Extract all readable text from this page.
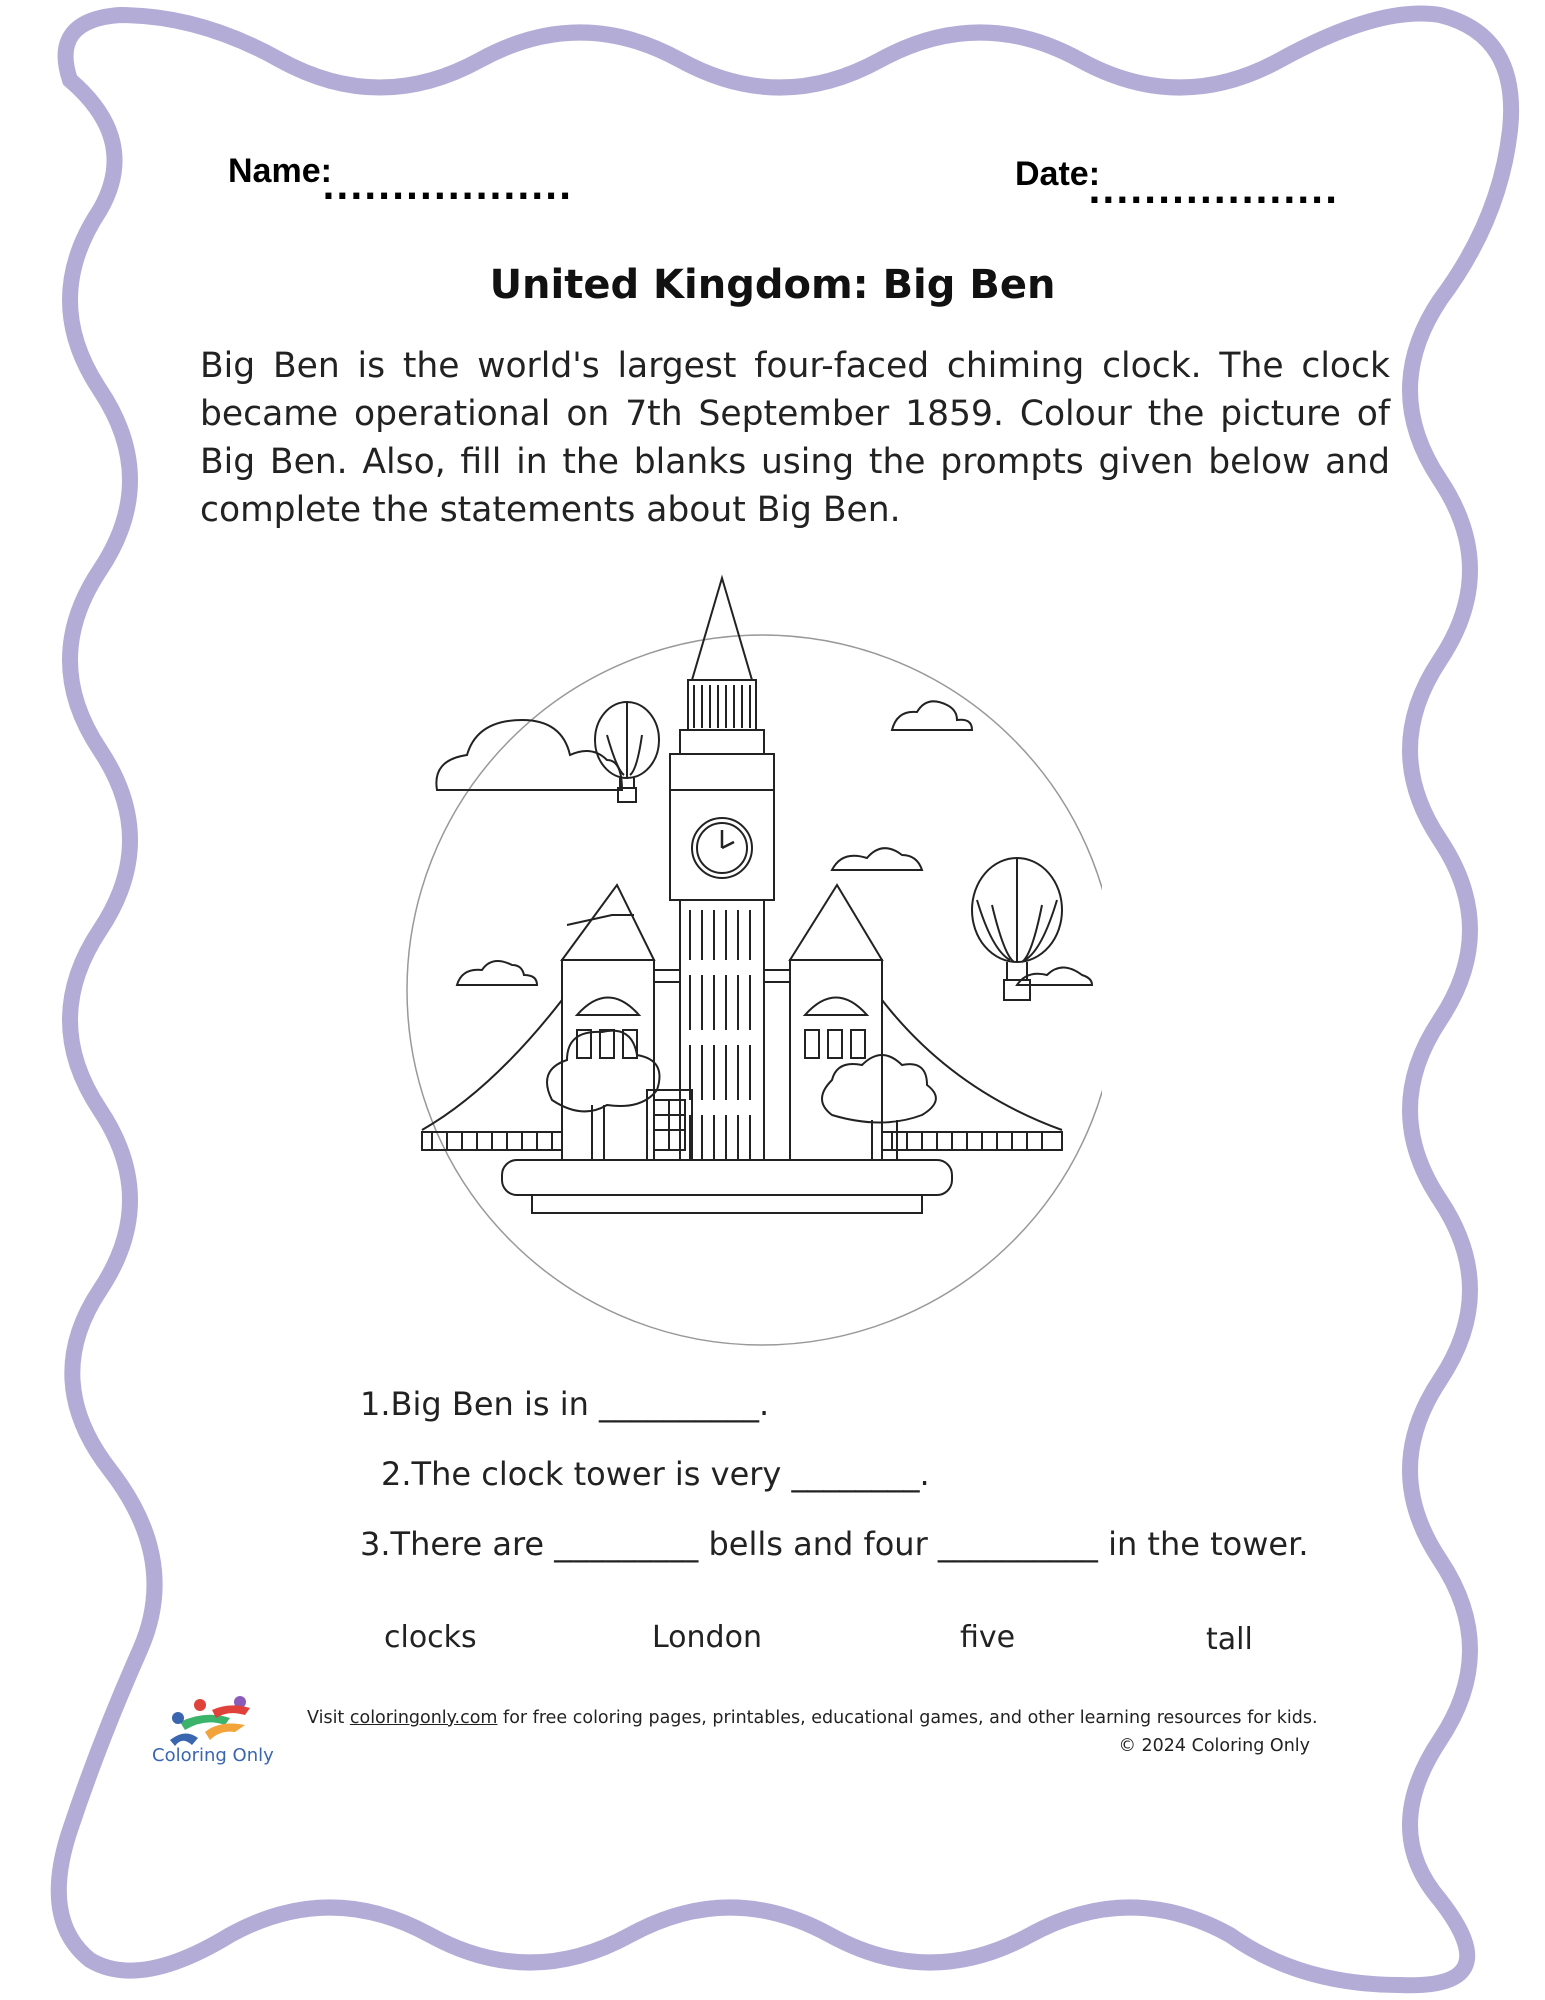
Name:
..................	Date:
..................
United Kingdom: Big Ben
Big Ben is the world's largest four-faced chiming clock. The clock became operational on 7th September 1859. Colour the picture of Big Ben. Also, fill in the blanks using the prompts given below and complete the statements about Big Ben.
1.Big Ben is in __________.
2.The clock tower is very ________.
3.There are _________ bells and four __________ in the tower.
clocks	London	five	tall
Coloring Only
Visit coloringonly.com for free coloring pages, printables, educational games, and other learning resources for kids.
© 2024 Coloring Only
